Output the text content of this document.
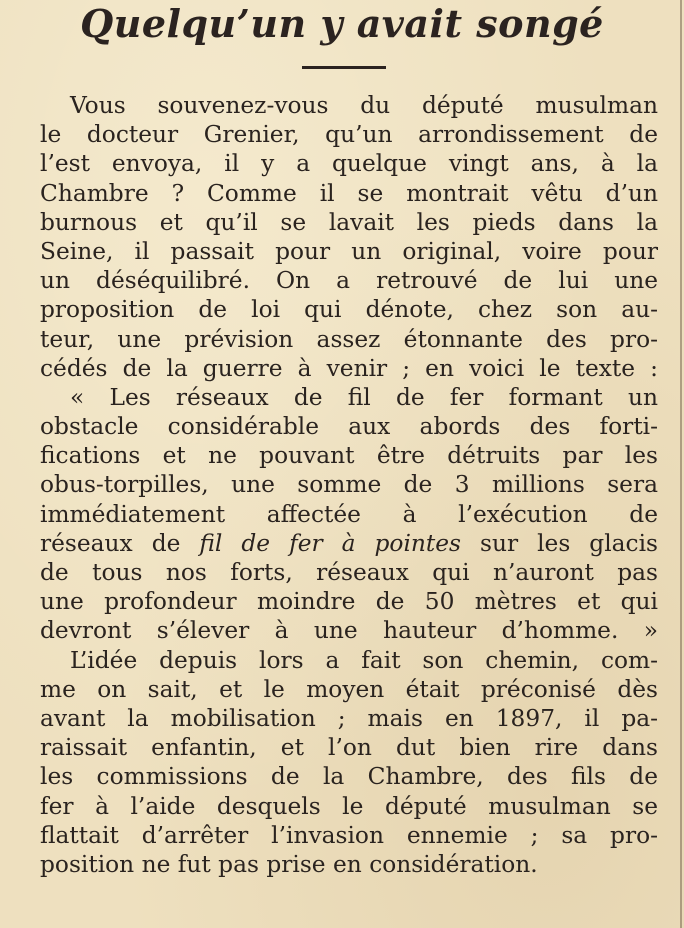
Quelqu’un y avait songé
Vous souvenez-vous du député musulman
le docteur Grenier, qu’un arrondissement de
l’est envoya, il y a quelque vingt ans, à la
Chambre ? Comme il se montrait vêtu d’un
burnous et qu’il se lavait les pieds dans la
Seine, il passait pour un original, voire pour
un déséquilibré. On a retrouvé de lui une
proposition de loi qui dénote, chez son au-
teur, une prévision assez étonnante des pro-
cédés de la guerre à venir ; en voici le texte :
« Les réseaux de fil de fer formant un
obstacle considérable aux abords des forti-
fications et ne pouvant être détruits par les
obus-torpilles, une somme de 3 millions sera
immédiatement affectée à l’exécution de
réseaux de fil de fer à pointes sur les glacis
de tous nos forts, réseaux qui n’auront pas
une profondeur moindre de 50 mètres et qui
devront s’élever à une hauteur d’homme. »
L’idée depuis lors a fait son chemin, com-
me on sait, et le moyen était préconisé dès
avant la mobilisation ; mais en 1897, il pa-
raissait enfantin, et l’on dut bien rire dans
les commissions de la Chambre, des fils de
fer à l’aide desquels le député musulman se
flattait d’arrêter l’invasion ennemie ; sa pro-
position ne fut pas prise en considération.
